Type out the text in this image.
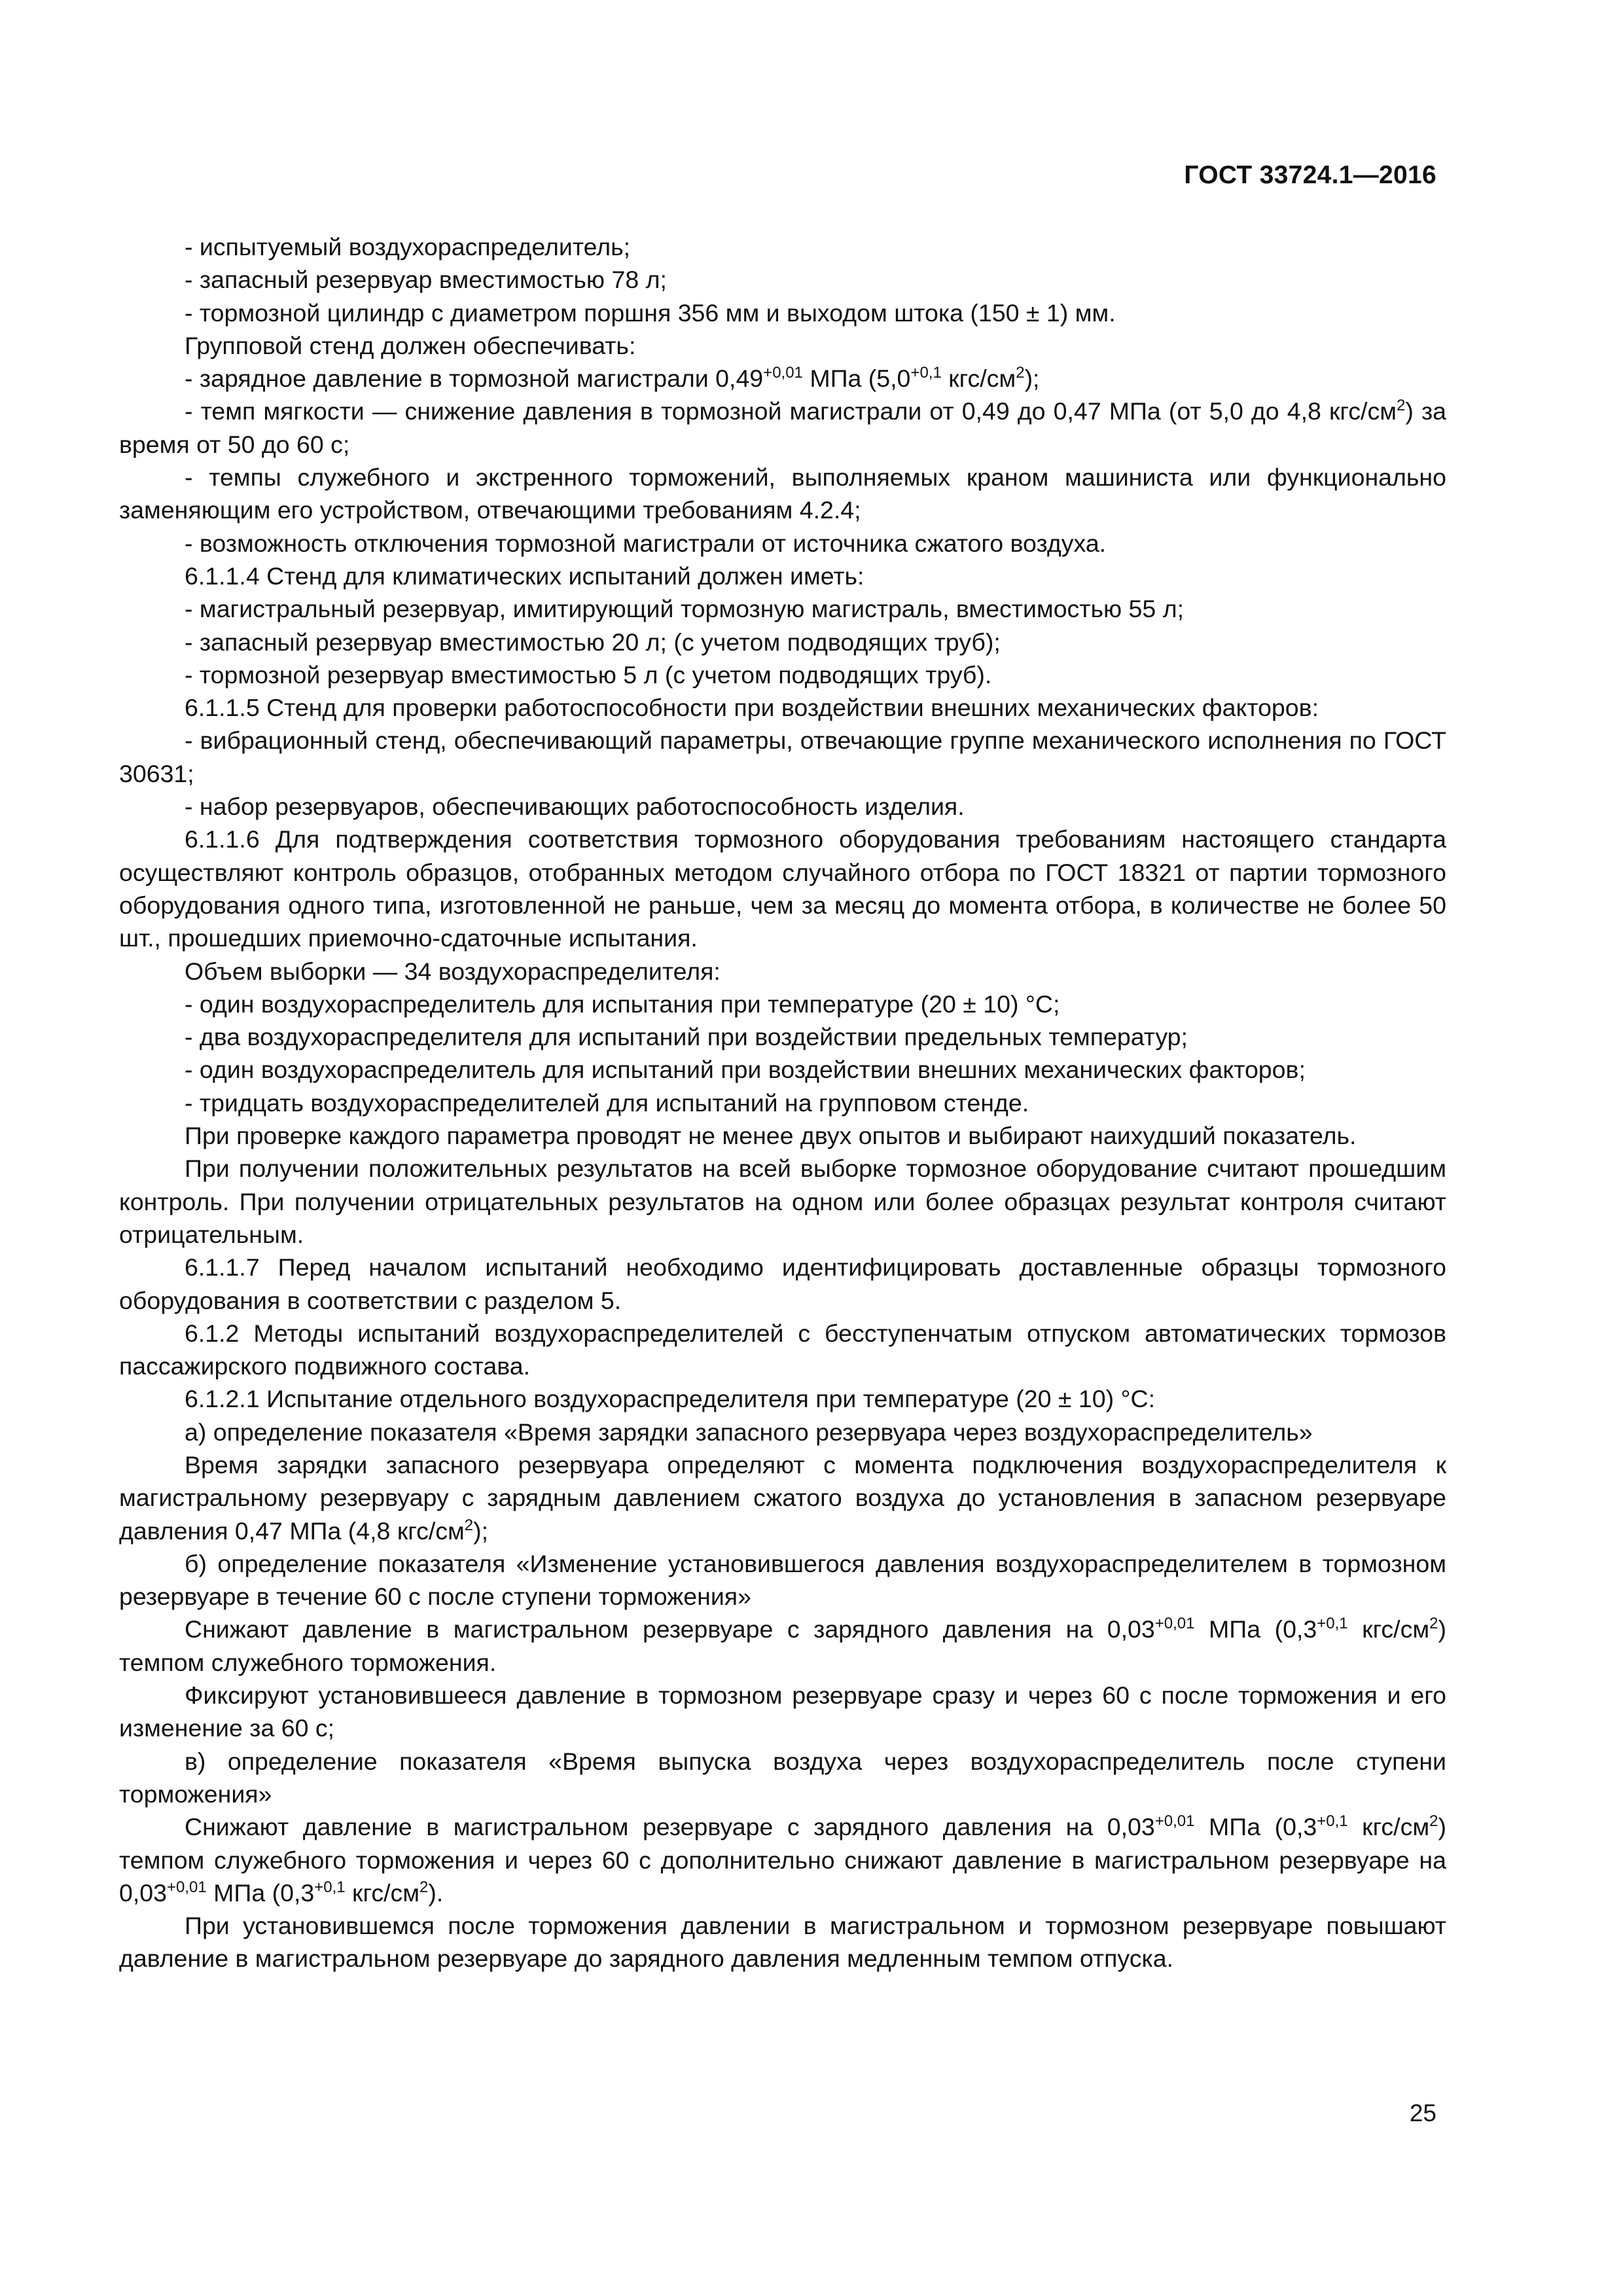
ГОСТ 33724.1—2016

- испытуемый воздухораспределитель;

- запасный резервуар вместимостью 78 л;

- тормозной цилиндр с диаметром поршня 356 мм и выходом штока (150 ± 1) мм.

Групповой стенд должен обеспечивать:

- зарядное давление в тормозной магистрали $0,49^{+0,01}$ МПа ($5,0^{+0,1}$ кгс/$см^2$);

- темп мягкости — снижение давления в тормозной магистрали от 0,49 до 0,47 МПа (от 5,0 до 4,8 кгс/$см^2$) за время от 50 до 60 с;

- темпы служебного и экстренного торможений, выполняемых краном машиниста или функционально заменяющим его устройством, отвечающими требованиям 4.2.4;

- возможность отключения тормозной магистрали от источника сжатого воздуха.

6.1.1.4 Стенд для климатических испытаний должен иметь:

- магистральный резервуар, имитирующий тормозную магистраль, вместимостью 55 л;

- запасный резервуар вместимостью 20 л; (с учетом подводящих труб);

- тормозной резервуар вместимостью 5 л (с учетом подводящих труб).

6.1.1.5 Стенд для проверки работоспособности при воздействии внешних механических факторов:

- вибрационный стенд, обеспечивающий параметры, отвечающие группе механического исполнения по ГОСТ 30631;

- набор резервуаров, обеспечивающих работоспособность изделия.

6.1.1.6 Для подтверждения соответствия тормозного оборудования требованиям настоящего стандарта осуществляют контроль образцов, отобранных методом случайного отбора по ГОСТ 18321 от партии тормозного оборудования одного типа, изготовленной не раньше, чем за месяц до момента отбора, в количестве не более 50 шт., прошедших приемочно-сдаточные испытания.

Объем выборки — 34 воздухораспределителя:

- один воздухораспределитель для испытания при температуре (20 ± 10) °С;

- два воздухораспределителя для испытаний при воздействии предельных температур;

- один воздухораспределитель для испытаний при воздействии внешних механических факторов;

- тридцать воздухораспределителей для испытаний на групповом стенде.

При проверке каждого параметра проводят не менее двух опытов и выбирают наихудший показатель.

При получении положительных результатов на всей выборке тормозное оборудование считают прошедшим контроль. При получении отрицательных результатов на одном или более образцах результат контроля считают отрицательным.

6.1.1.7 Перед началом испытаний необходимо идентифицировать доставленные образцы тормозного оборудования в соответствии с разделом 5.

6.1.2 Методы испытаний воздухораспределителей с бесступенчатым отпуском автоматических тормозов пассажирского подвижного состава.

6.1.2.1 Испытание отдельного воздухораспределителя при температуре (20 ± 10) °С:

а) определение показателя «Время зарядки запасного резервуара через воздухораспределитель»

Время зарядки запасного резервуара определяют с момента подключения воздухораспределителя к магистральному резервуару с зарядным давлением сжатого воздуха до установления в запасном резервуаре давления 0,47 МПа (4,8 кгс/$см^2$);

б) определение показателя «Изменение установившегося давления воздухораспределителем в тормозном резервуаре в течение 60 с после ступени торможения»

Снижают давление в магистральном резервуаре с зарядного давления на $0,03^{+0,01}$ МПа ($0,3^{+0,1}$ кгс/$см^2$) темпом служебного торможения.

Фиксируют установившееся давление в тормозном резервуаре сразу и через 60 с после торможения и его изменение за 60 с;

в) определение показателя «Время выпуска воздуха через воздухораспределитель после ступени торможения»

Снижают давление в магистральном резервуаре с зарядного давления на $0,03^{+0,01}$ МПа ($0,3^{+0,1}$ кгс/$см^2$) темпом служебного торможения и через 60 с дополнительно снижают давление в магистральном резервуаре на $0,03^{+0,01}$ МПа ($0,3^{+0,1}$ кгс/$см^2$).

При установившемся после торможения давлении в магистральном и тормозном резервуаре повышают давление в магистральном резервуаре до зарядного давления медленным темпом отпуска.

25
